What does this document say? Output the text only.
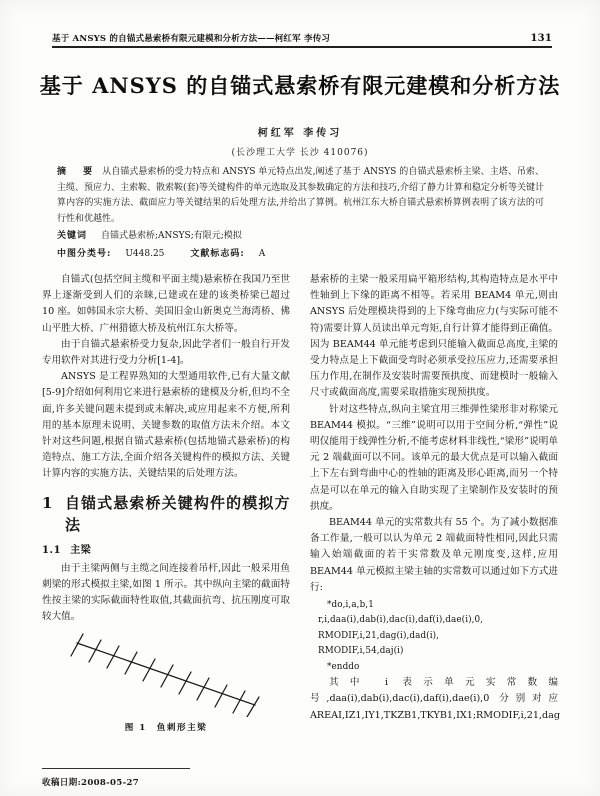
基于 ANSYS 的自锚式悬索桥有限元建模和分析方法——柯红军 李传习	131
基于 ANSYS 的自锚式悬索桥有限元建模和分析方法
柯红军 李传习
(长沙理工大学 长沙 410076)
摘　要 从自锚式悬索桥的受力特点和 ANSYS 单元特点出发,阐述了基于 ANSYS 的自锚式悬索桥主梁、主塔、吊索、主缆、预应力、主索鞍、散索鞍(套)等关键构件的单元选取及其参数确定的方法和技巧,介绍了静力计算和稳定分析等关键计算内容的实施方法、截面应力等关键结果的后处理方法,并给出了算例。杭州江东大桥自锚式悬索桥算例表明了该方法的可行性和优越性。
关键词 自锚式悬索桥;ANSYS;有限元;模拟
中图分类号: U448.25	文献标志码: A

自锚式(包括空间主缆和平面主缆)悬索桥在我国乃至世界上逐渐受到人们的亲睐,已建或在建的该类桥梁已超过 10 座。如韩国永宗大桥、美国旧金山新奥克兰海湾桥、佛山平胜大桥、广州猎德大桥及杭州江东大桥等。

由于自锚式悬索桥受力复杂,因此学者们一般自行开发专用软件对其进行受力分析[1-4]。

ANSYS 是工程界熟知的大型通用软件,已有大量文献[5-9]介绍如何利用它来进行悬索桥的建模及分析,但均不全面,许多关键问题未提到或未解决,或应用起来不方便,所利用的基本原理未说明、关键参数的取值方法未介绍。本文针对这些问题,根据自锚式悬索桥(包括地锚式悬索桥)的构造特点、施工方法,全面介绍各关键构件的模拟方法、关键计算内容的实施方法、关键结果的后处理方法。

1 自锚式悬索桥关键构件的模拟方法
1.1 主梁

由于主梁两侧与主缆之间连接着吊杆,因此一般采用鱼刺梁的形式模拟主梁,如图 1 所示。其中纵向主梁的截面特性按主梁的实际截面特性取值,其截面抗弯、抗压刚度可取较大值。

图 1 鱼刺形主梁

悬索桥的主梁一般采用扁平箱形结构,其构造特点是水平中性轴到上下缘的距离不相等。若采用 BEAM4 单元,则由 ANSYS 后处理模块得到的上下缘弯曲应力(与实际可能不符)需要计算人员读出单元弯矩,自行计算才能得到正确值。因为 BEAM44 单元能考虑到只能输入截面总高度,主梁的受力特点是上下截面受弯时必须承受拉压应力,还需要承担压力作用,在制作及安装时需要预拱度、而建模时一般输入尺寸或截面高度,需要采取措施实现预拱度。

针对这些特点,纵向主梁宜用三维弹性梁形非对称梁元 BEAM44 模拟。“三维”说明可以用于空间分析,“弹性”说明仅能用于线弹性分析,不能考虑材料非线性,“梁形”说明单元 2 端截面可以不同。该单元的最大优点是可以输入截面上下左右到弯曲中心的性轴的距离及形心距离,而另一个特点是可以在单元的输入自助实现了主梁制作及安装时的预拱度。

BEAM44 单元的实常数共有 55 个。为了减小数据准备工作量,一般可以认为单元 2 端截面特性相同,因此只需输入始端截面的若干实常数及单元刚度变,这样,应用 BEAM44 单元模拟主梁主轴的实常数可以通过如下方式进行:

*do,i,a,b,1
r,i,daa(i),dab(i),dac(i),daf(i),dae(i),0,
RMODIF,i,21,dag(i),dad(i),
RMODIF,i,54,daj(i)
*enddo

其中 i 表示单元实常数编号,daa(i),dab(i),dac(i),daf(i),dae(i),0 分别对应 AREAI,IZ1,IY1,TKZB1,TKYB1,IX1;RMODIF,i,21,dag

收稿日期:2008-05-27
